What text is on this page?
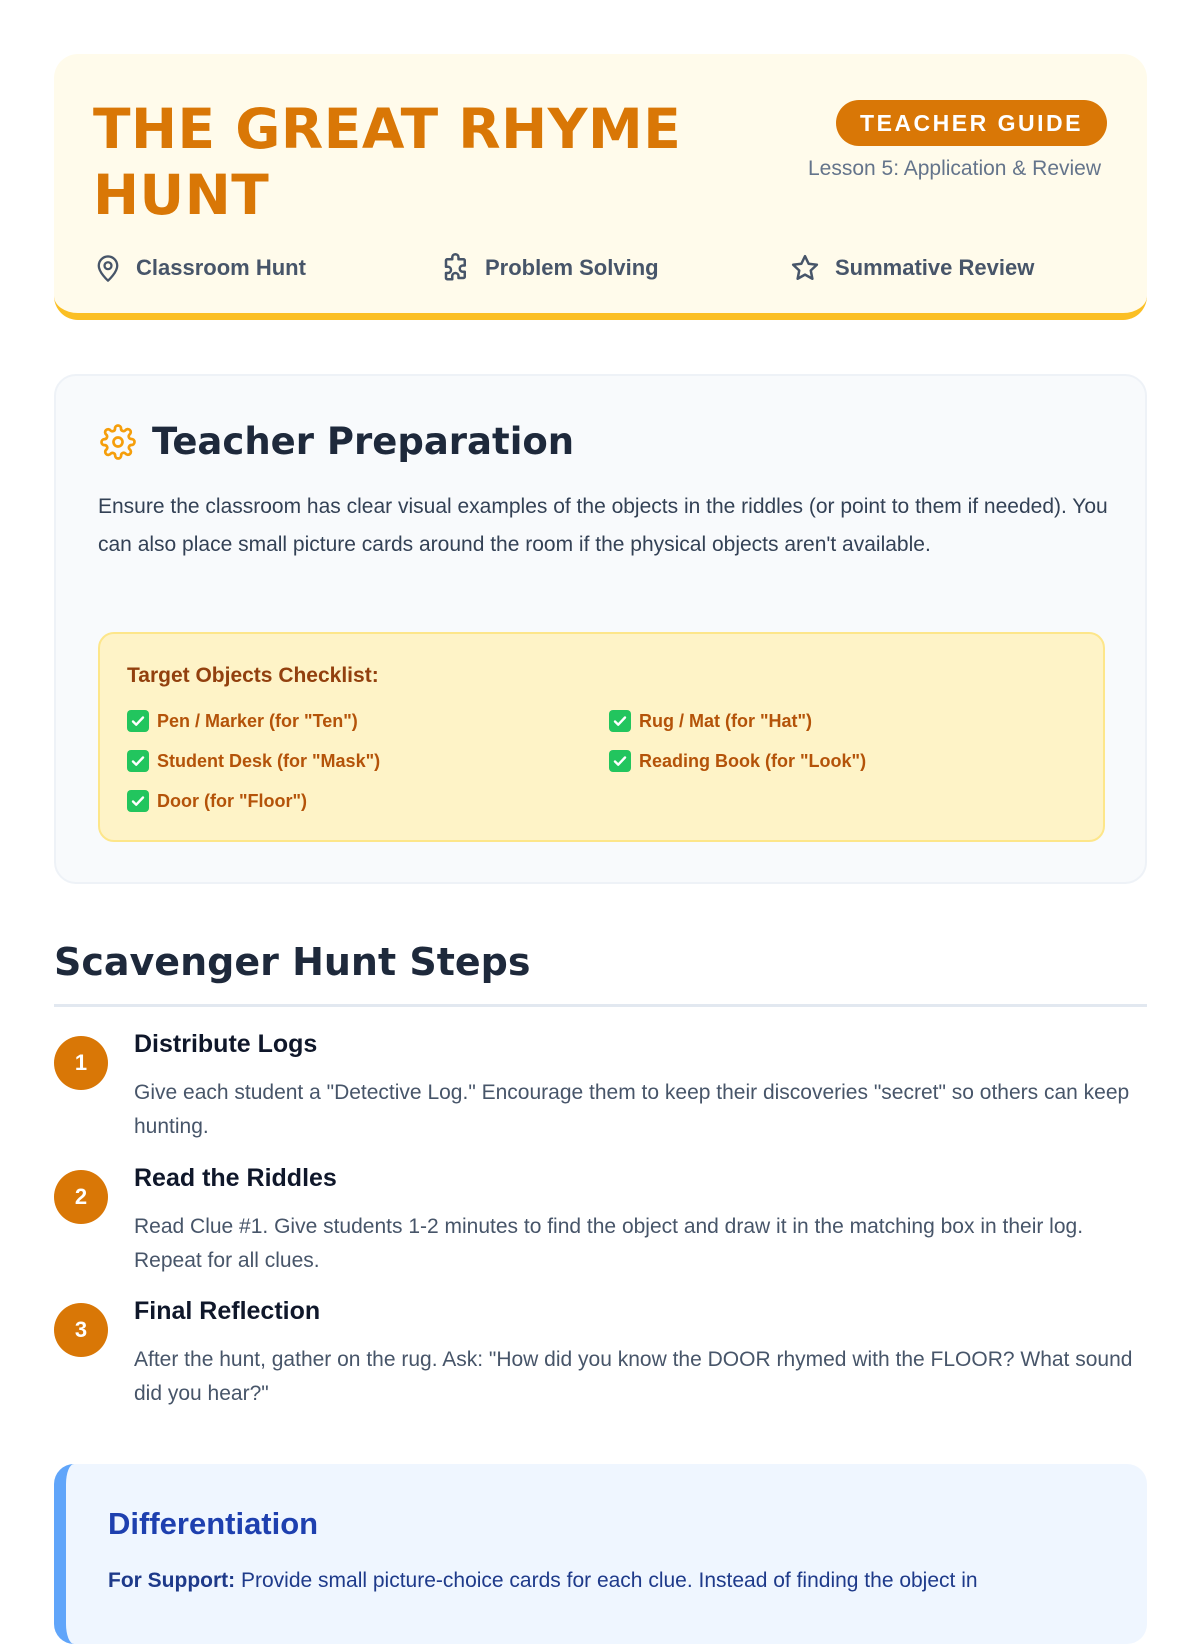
THE GREAT RHYME HUNT
TEACHER GUIDE
Lesson 5: Application & Review
Classroom Hunt	Problem Solving	Summative Review
Teacher Preparation

Ensure the classroom has clear visual examples of the objects in the riddles (or point to them if needed). You can also place small picture cards around the room if the physical objects aren't available.

Target Objects Checklist:
Pen / Marker (for "Ten")	Rug / Mat (for "Hat")
Student Desk (for "Mask")	Reading Book (for "Look")
Door (for "Floor")
Scavenger Hunt Steps
1
Distribute Logs
Give each student a "Detective Log." Encourage them to keep their discoveries "secret" so others can keep hunting.
2
Read the Riddles
Read Clue #1. Give students 1-2 minutes to find the object and draw it in the matching box in their log. Repeat for all clues.
3
Final Reflection
After the hunt, gather on the rug. Ask: "How did you know the DOOR rhymed with the FLOOR? What sound did you hear?"
Differentiation

For Support: Provide small picture-choice cards for each clue. Instead of finding the object in
